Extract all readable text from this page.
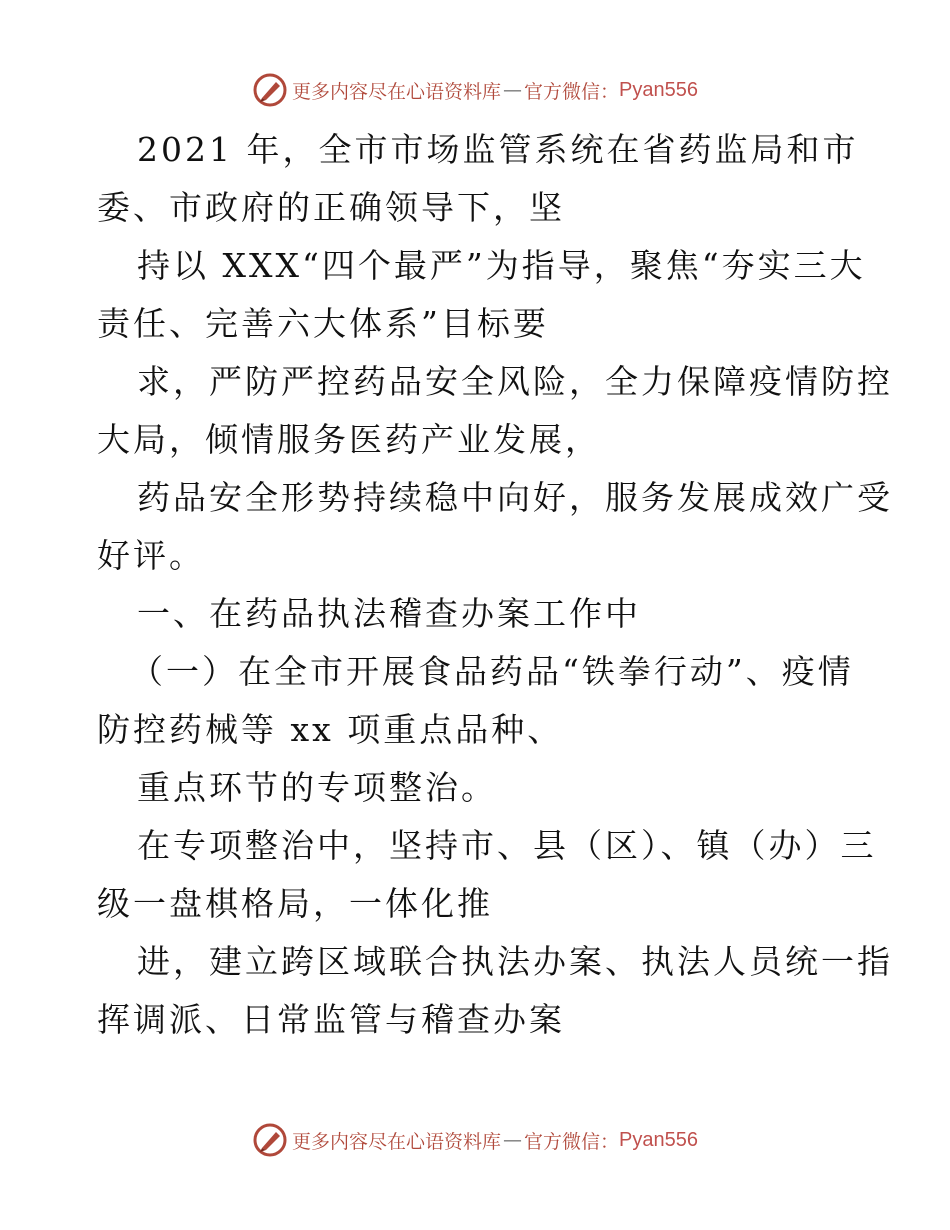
更多内容尽在心语资料库 — 官方微信： Pyan556
2021 年，全市市场监管系统在省药监局和市
委、市政府的正确领导下，坚
持以 XXX“四个最严”为指导，聚焦“夯实三大
责任、完善六大体系”目标要
求，严防严控药品安全风险，全力保障疫情防控
大局，倾情服务医药产业发展，
药品安全形势持续稳中向好，服务发展成效广受
好评。
一、在药品执法稽查办案工作中
（一）在全市开展食品药品“铁拳行动”、疫情
防控药械等 xx 项重点品种、
重点环节的专项整治。
在专项整治中，坚持市、县（区）、镇（办）三
级一盘棋格局，一体化推
进，建立跨区域联合执法办案、执法人员统一指
挥调派、日常监管与稽查办案
更多内容尽在心语资料库 — 官方微信： Pyan556
